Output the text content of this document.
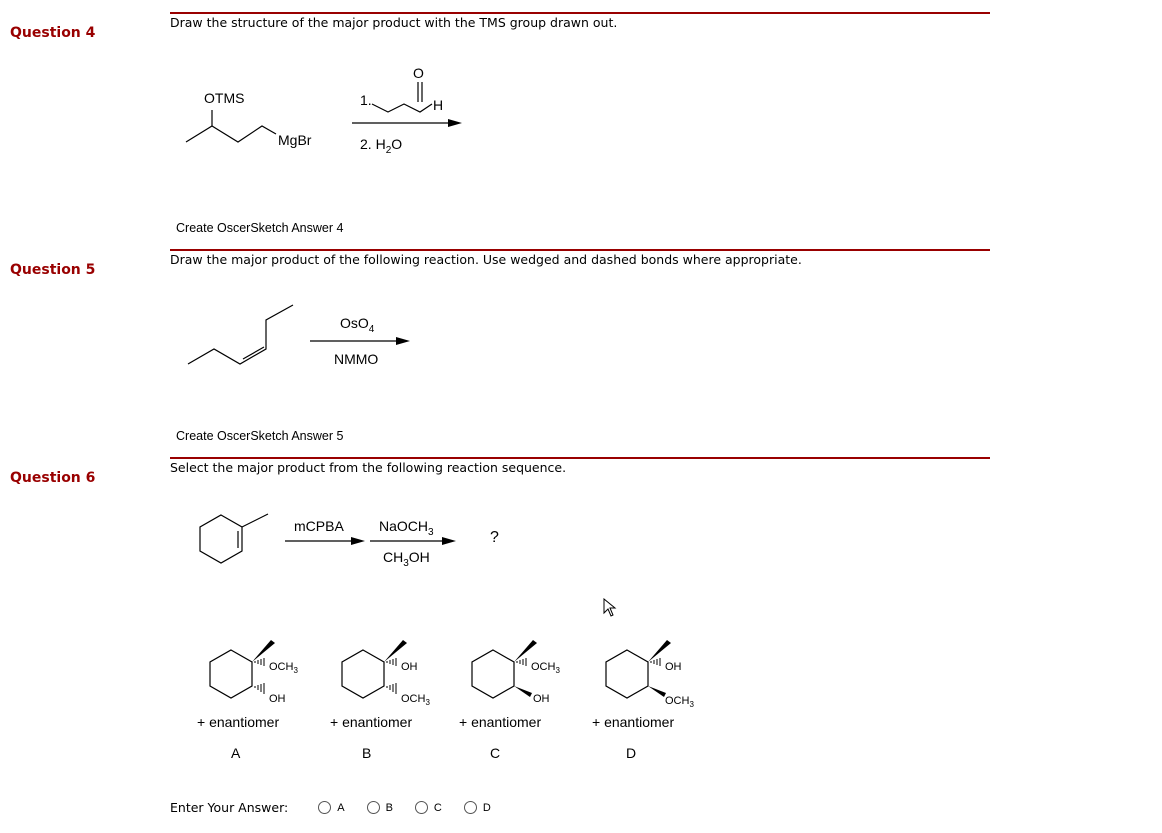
Question 4
Draw the structure of the major product with the TMS group drawn out.
OTMS
MgBr
1.
O
H
2. $H_2O$
Create OscerSketch Answer 4
Question 5
Draw the major product of the following reaction. Use wedged and dashed bonds where appropriate.
OsO$_4$
NMMO
Create OscerSketch Answer 5
Question 6
Select the major product from the following reaction sequence.
mCPBA	NaOCH$_3$
$CH_3OH$
?
$OCH_3$
OH
+ enantiomer
A
OH
$OCH_3$
+ enantiomer
B
$OCH_3$
OH
+ enantiomer
C
OH
$OCH_3$
+ enantiomer
D
Enter Your Answer:	A	B	C	D
